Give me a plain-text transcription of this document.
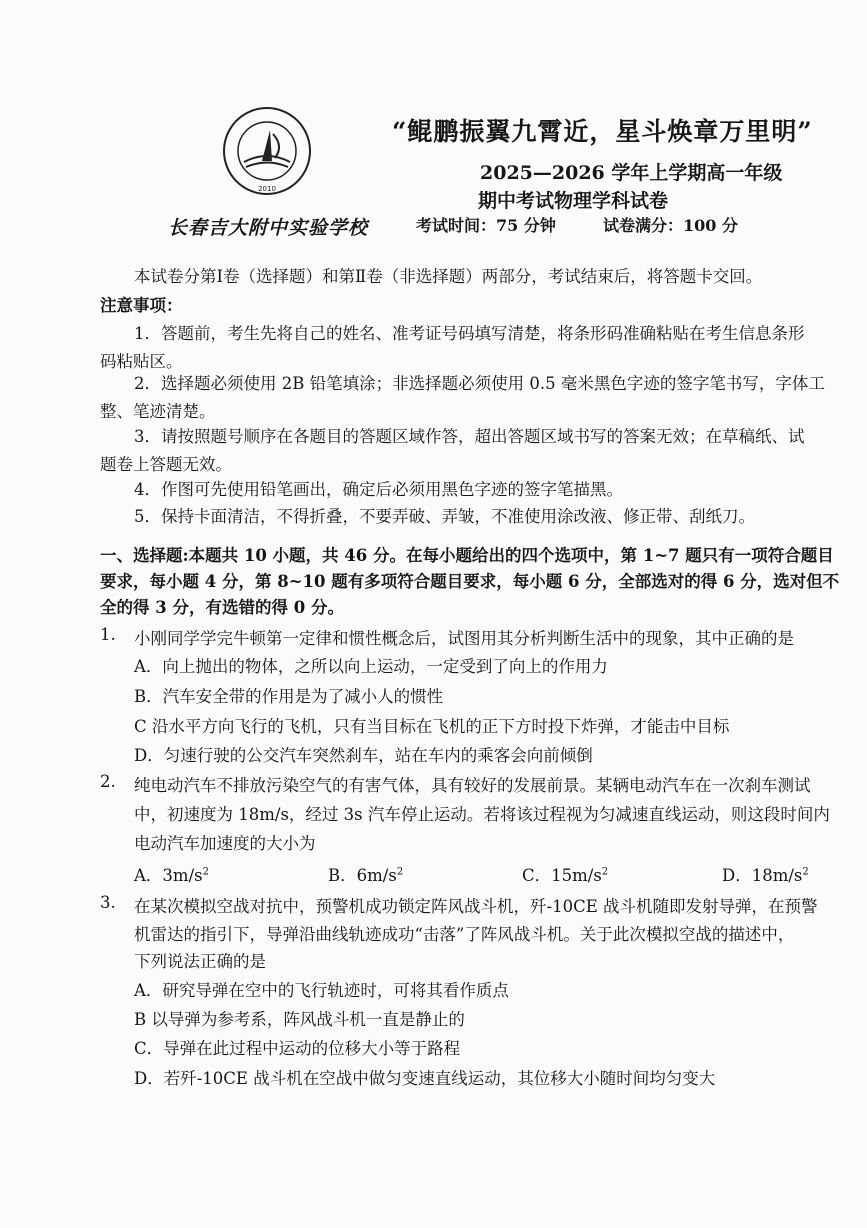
2010
“鲲鹏振翼九霄近，星斗焕章万里明”
2025—2026 学年上学期高一年级
期中考试物理学科试卷
长春吉大附中实验学校	考试时间：75 分钟	试卷满分：100 分
本试卷分第Ⅰ卷（选择题）和第Ⅱ卷（非选择题）两部分，考试结束后，将答题卡交回。
注意事项：
1．答题前，考生先将自己的姓名、准考证号码填写清楚，将条形码准确粘贴在考生信息条形
码粘贴区。
2．选择题必须使用 2B 铅笔填涂；非选择题必须使用 0.5 毫米黑色字迹的签字笔书写，字体工
整、笔迹清楚。
3．请按照题号顺序在各题目的答题区域作答，超出答题区域书写的答案无效；在草稿纸、试
题卷上答题无效。
4．作图可先使用铅笔画出，确定后必须用黑色字迹的签字笔描黑。
5．保持卡面清洁，不得折叠，不要弄破、弄皱，不准使用涂改液、修正带、刮纸刀。
一、选择题:本题共 10 小题，共 46 分。在每小题给出的四个选项中，第 1~7 题只有一项符合题目
要求，每小题 4 分，第 8~10 题有多项符合题目要求，每小题 6 分，全部选对的得 6 分，选对但不
全的得 3 分，有选错的得 0 分。
1. 小刚同学学完牛顿第一定律和惯性概念后，试图用其分析判断生活中的现象，其中正确的是
A．向上抛出的物体，之所以向上运动，一定受到了向上的作用力
B．汽车安全带的作用是为了减小人的惯性
C 沿水平方向飞行的飞机，只有当目标在飞机的正下方时投下炸弹，才能击中目标
D．匀速行驶的公交汽车突然刹车，站在车内的乘客会向前倾倒
2. 纯电动汽车不排放污染空气的有害气体，具有较好的发展前景。某辆电动汽车在一次刹车测试
中，初速度为 18m/s，经过 3s 汽车停止运动。若将该过程视为匀减速直线运动，则这段时间内
电动汽车加速度的大小为
A．$3m/s^2$	B．$6m/s^2$	C．$15m/s^2$	D．$18m/s^2$
3. 在某次模拟空战对抗中，预警机成功锁定阵风战斗机，歼-10CE 战斗机随即发射导弹，在预警
机雷达的指引下，导弹沿曲线轨迹成功“击落”了阵风战斗机。关于此次模拟空战的描述中，
下列说法正确的是
A．研究导弹在空中的飞行轨迹时，可将其看作质点
B 以导弹为参考系，阵风战斗机一直是静止的
C．导弹在此过程中运动的位移大小等于路程
D．若歼-10CE 战斗机在空战中做匀变速直线运动，其位移大小随时间均匀变大
